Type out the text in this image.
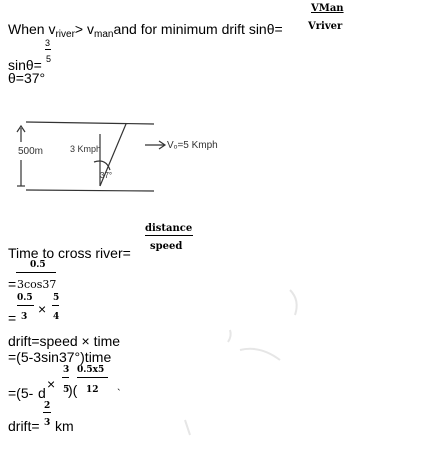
When $v_{river}> v_{man}and$ for minimum drift sinθ=
VMan
Vriver
3
sinθ= 5
θ=37°
500m	3 Kmph
37°
Vₒ=5 Kmph
distance
Time to cross river= speed
0.5
= 3cos37
0.5
= 3 ×
5
4
drift=speed × time
=(5-3sin37°)time
=(5- d
×
3
5
)(
0.5x5
12 `
2
drift= 3 km
